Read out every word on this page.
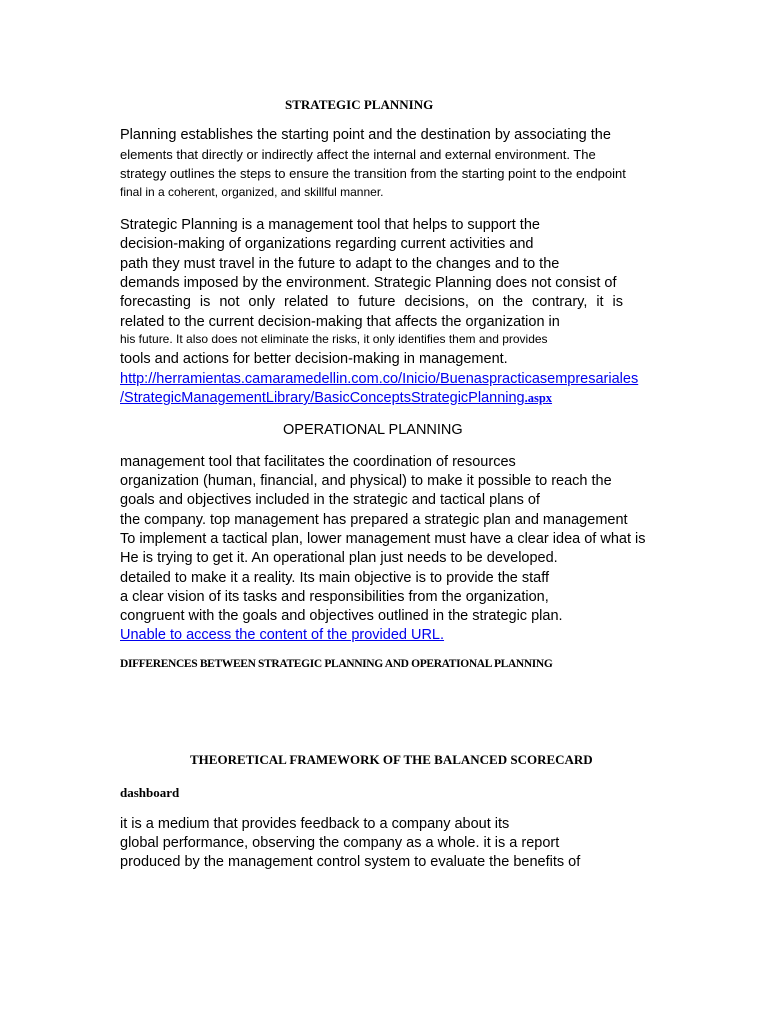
STRATEGIC PLANNING
Planning establishes the starting point and the destination by associating the
elements that directly or indirectly affect the internal and external environment. The
strategy outlines the steps to ensure the transition from the starting point to the endpoint
final in a coherent, organized, and skillful manner.
Strategic Planning is a management tool that helps to support the
decision-making of organizations regarding current activities and
path they must travel in the future to adapt to the changes and to the
demands imposed by the environment. Strategic Planning does not consist of
forecasting is not only related to future decisions, on the contrary, it is
related to the current decision-making that affects the organization in
his future. It also does not eliminate the risks, it only identifies them and provides
tools and actions for better decision-making in management.
http://herramientas.camaramedellin.com.co/Inicio/Buenaspracticasempresariales
/StrategicManagementLibrary/BasicConceptsStrategicPlanning.aspx
OPERATIONAL PLANNING
management tool that facilitates the coordination of resources
organization (human, financial, and physical) to make it possible to reach the
goals and objectives included in the strategic and tactical plans of
the company. top management has prepared a strategic plan and management
To implement a tactical plan, lower management must have a clear idea of what is
He is trying to get it. An operational plan just needs to be developed.
detailed to make it a reality. Its main objective is to provide the staff
a clear vision of its tasks and responsibilities from the organization,
congruent with the goals and objectives outlined in the strategic plan.
Unable to access the content of the provided URL.
DIFFERENCES BETWEEN STRATEGIC PLANNING AND OPERATIONAL PLANNING
THEORETICAL FRAMEWORK OF THE BALANCED SCORECARD
dashboard
it is a medium that provides feedback to a company about its
global performance, observing the company as a whole. it is a report
produced by the management control system to evaluate the benefits of
